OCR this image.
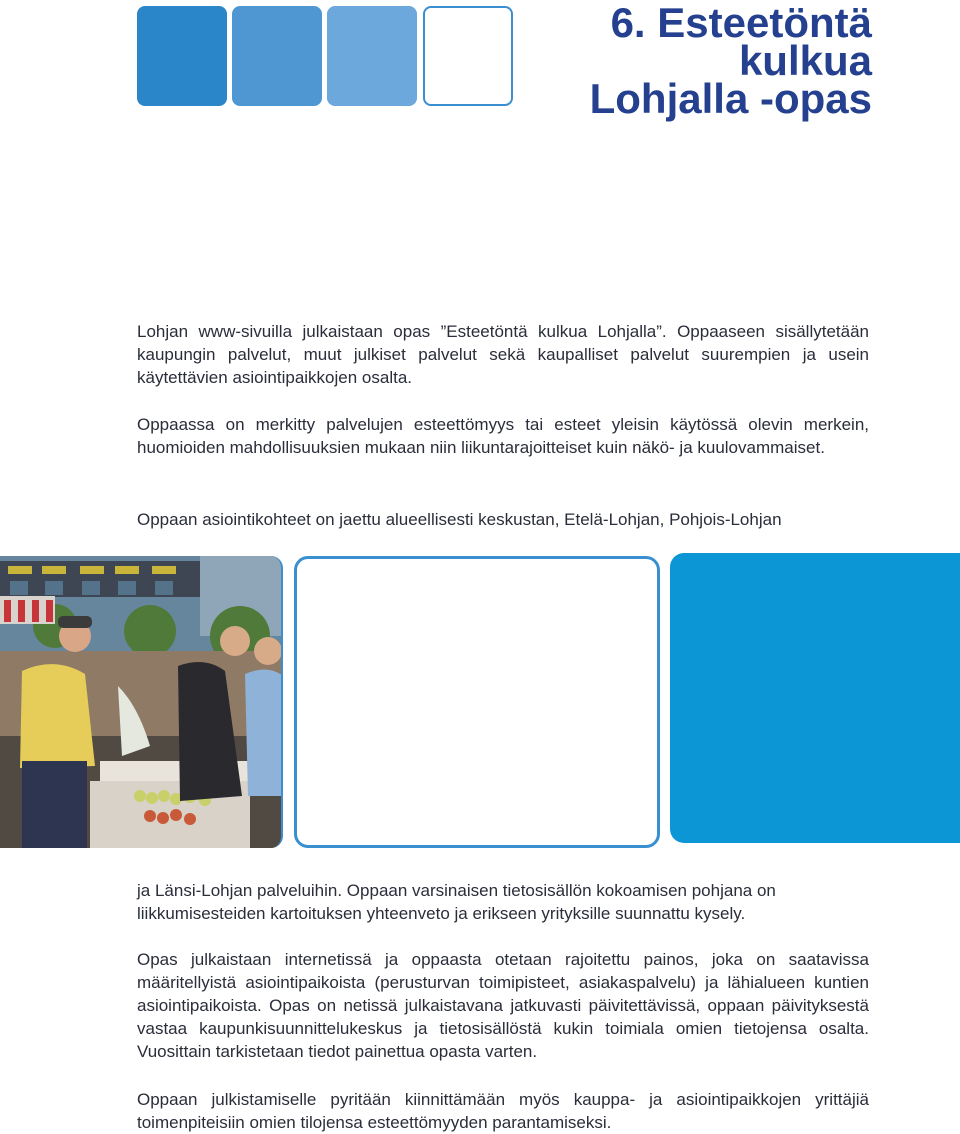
6. Esteetöntä
kulkua
Lohjalla -opas

Lohjan www-sivuilla julkaistaan opas ”Esteetöntä kulkua Lohjalla”. Oppaaseen sisällytetään kaupungin palvelut, muut julkiset palvelut sekä kaupalliset palvelut suurempien ja usein käytettävien asiointipaikkojen osalta.

Oppaassa on merkitty palvelujen esteettömyys tai esteet yleisin käytössä olevin merkein, huomioiden mahdollisuuksien mukaan niin liikuntarajoitteiset kuin näkö- ja kuulovammaiset.

Oppaan asiointikohteet on jaettu alueellisesti keskustan, Etelä-Lohjan, Pohjois-Lohjan

ja Länsi-Lohjan palveluihin. Oppaan varsinaisen tietosisällön kokoamisen pohjana on liikkumisesteiden kartoituksen yhteenveto ja erikseen yrityksille suunnattu kysely.

Opas julkaistaan internetissä ja oppaasta otetaan rajoitettu painos, joka on saatavissa määritellyistä asiointipaikoista (perusturvan toimipisteet, asiakaspalvelu) ja lähialueen kuntien asiointipaikoista. Opas on netissä julkaistavana jatkuvasti päivitettävissä, oppaan päivityksestä vastaa kaupunkisuunnittelukeskus ja tietosisällöstä kukin toimiala omien tietojensa osalta. Vuosittain tarkistetaan tiedot painettua opasta varten.

Oppaan julkistamiselle pyritään kiinnittämään myös kauppa- ja asiointipaikkojen yrittäjiä toimenpiteisiin omien tilojensa esteettömyyden parantamiseksi.
